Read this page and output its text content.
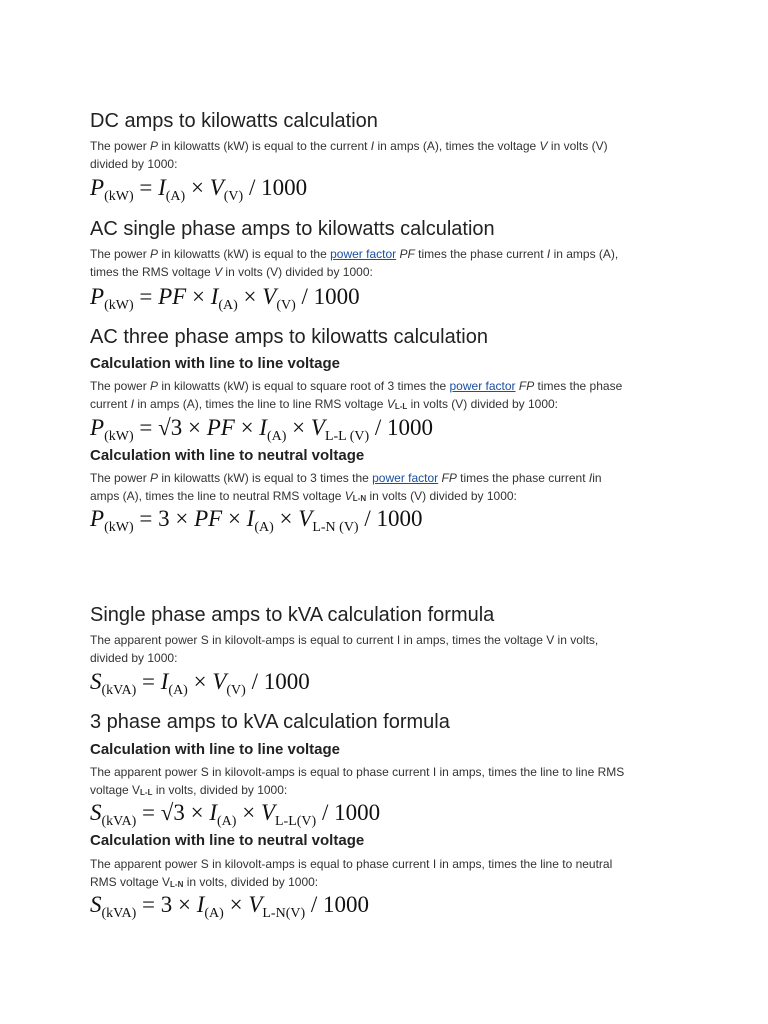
DC amps to kilowatts calculation

The power P in kilowatts (kW) is equal to the current I in amps (A), times the voltage V in volts (V)
divided by 1000:

$P_{(kW)} = I_{(A)} \times V_{(V)} / 1000$
AC single phase amps to kilowatts calculation

The power P in kilowatts (kW) is equal to the power factor PF times the phase current I in amps (A),
times the RMS voltage V in volts (V) divided by 1000:

$P_{(kW)}$ = PF × $I_{(A)} \times V_{(V)} / 1000$
AC three phase amps to kilowatts calculation
Calculation with line to line voltage

The power P in kilowatts (kW) is equal to square root of 3 times the power factor FP times the phase
current I in amps (A), times the line to line RMS voltage VL-L in volts (V) divided by 1000:

$P_{(kW)} = √3$ × PF × $I_{(A)} \times V_{L-L (V)} / 1000$
Calculation with line to neutral voltage

The power P in kilowatts (kW) is equal to 3 times the power factor FP times the phase current Iin
amps (A), times the line to neutral RMS voltage VL-N in volts (V) divided by 1000:

$P_{(kW)} = 3$ × PF × $I_{(A)} \times V_{L-N (V)} / 1000$
Single phase amps to kVA calculation formula

The apparent power S in kilovolt-amps is equal to current I in amps, times the voltage V in volts,
divided by 1000:

$S_{(kVA)} = I_{(A)} \times V_{(V)} / 1000$
3 phase amps to kVA calculation formula
Calculation with line to line voltage

The apparent power S in kilovolt-amps is equal to phase current I in amps, times the line to line RMS
voltage VL-L in volts, divided by 1000:

$S_{(kVA)} = √3 \times I_{(A)} \times V_{L-L(V)} / 1000$
Calculation with line to neutral voltage

The apparent power S in kilovolt-amps is equal to phase current I in amps, times the line to neutral
RMS voltage VL-N in volts, divided by 1000:

$S_{(kVA)} = 3 \times I_{(A)} \times V_{L-N(V)} / 1000$
